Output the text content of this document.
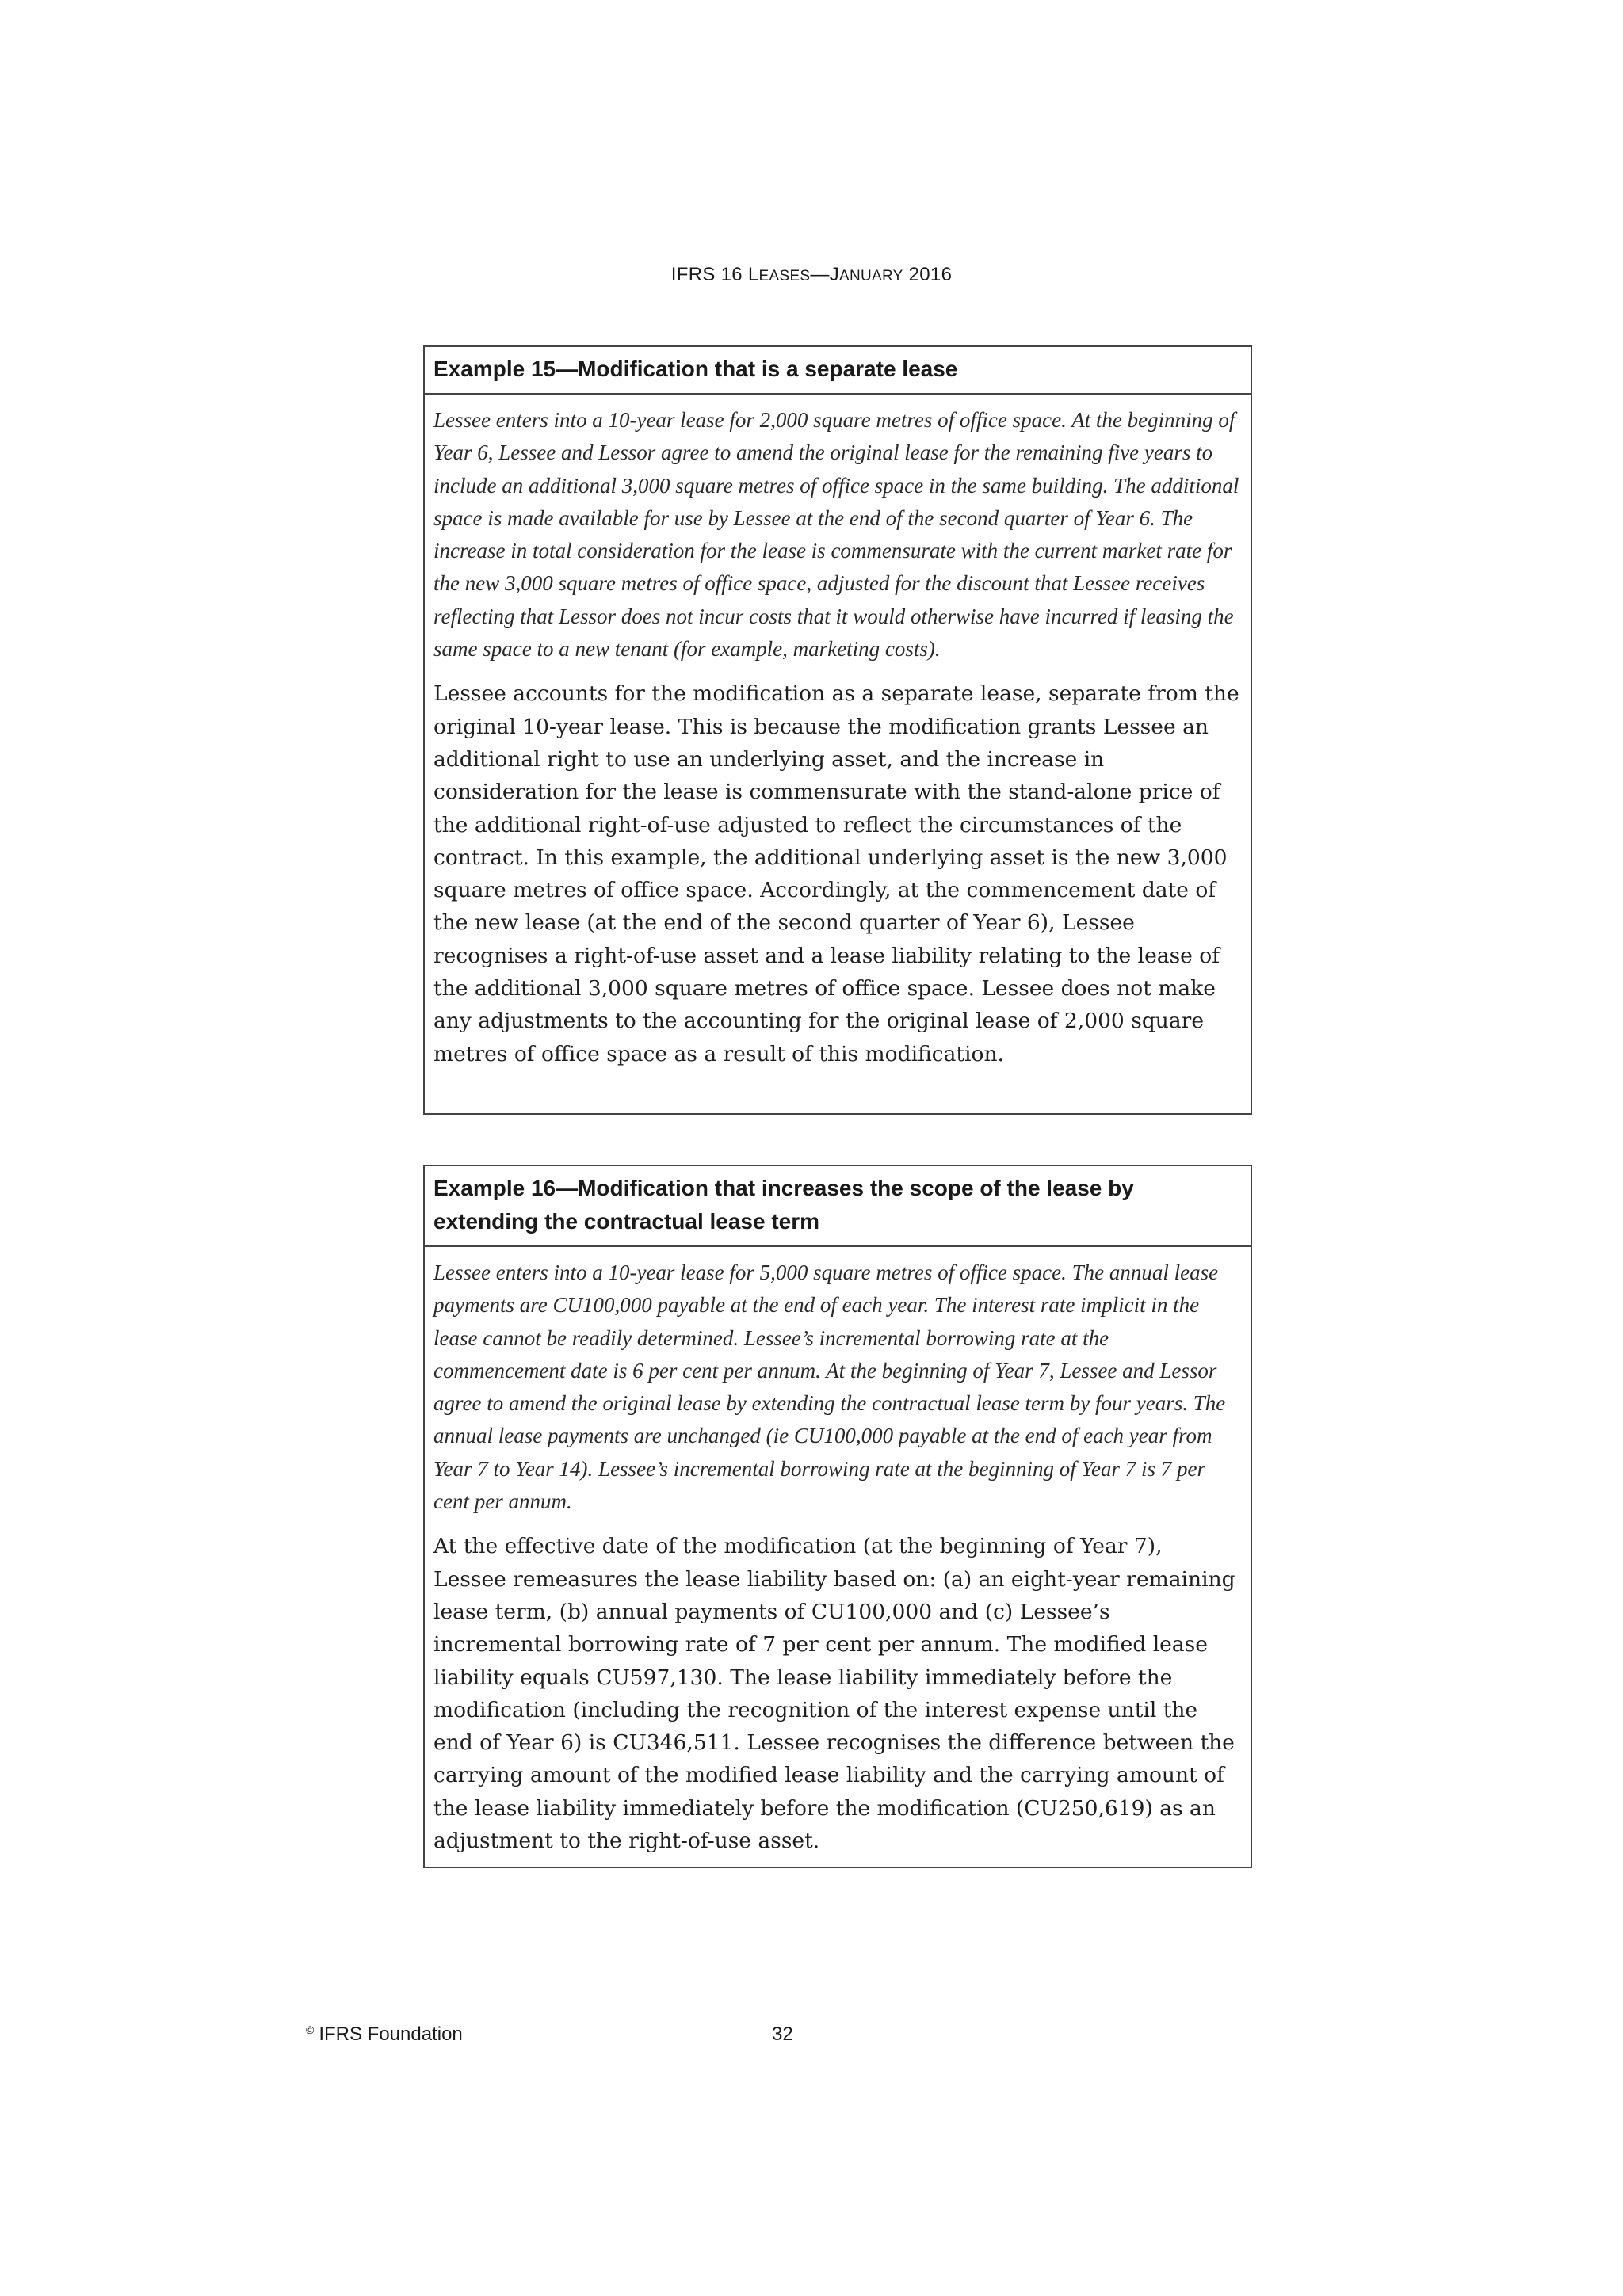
IFRS 16 LEASES—JANUARY 2016
Example 15—Modification that is a separate lease

Lessee enters into a 10-year lease for 2,000 square metres of office space. At the beginning of Year 6, Lessee and Lessor agree to amend the original lease for the remaining five years to include an additional 3,000 square metres of office space in the same building. The additional space is made available for use by Lessee at the end of the second quarter of Year 6. The increase in total consideration for the lease is commensurate with the current market rate for the new 3,000 square metres of office space, adjusted for the discount that Lessee receives reflecting that Lessor does not incur costs that it would otherwise have incurred if leasing the same space to a new tenant (for example, marketing costs).

Lessee accounts for the modification as a separate lease, separate from the original 10-year lease. This is because the modification grants Lessee an additional right to use an underlying asset, and the increase in consideration for the lease is commensurate with the stand-alone price of the additional right-of-use adjusted to reflect the circumstances of the contract. In this example, the additional underlying asset is the new 3,000 square metres of office space. Accordingly, at the commencement date of the new lease (at the end of the second quarter of Year 6), Lessee recognises a right-of-use asset and a lease liability relating to the lease of the additional 3,000 square metres of office space. Lessee does not make any adjustments to the accounting for the original lease of 2,000 square metres of office space as a result of this modification.

Example 16—Modification that increases the scope of the lease by extending the contractual lease term

Lessee enters into a 10-year lease for 5,000 square metres of office space. The annual lease payments are CU100,000 payable at the end of each year. The interest rate implicit in the lease cannot be readily determined. Lessee’s incremental borrowing rate at the commencement date is 6 per cent per annum. At the beginning of Year 7, Lessee and Lessor agree to amend the original lease by extending the contractual lease term by four years. The annual lease payments are unchanged (ie CU100,000 payable at the end of each year from Year 7 to Year 14). Lessee’s incremental borrowing rate at the beginning of Year 7 is 7 per cent per annum.

At the effective date of the modification (at the beginning of Year 7), Lessee remeasures the lease liability based on: (a) an eight-year remaining lease term, (b) annual payments of CU100,000 and (c) Lessee’s incremental borrowing rate of 7 per cent per annum. The modified lease liability equals CU597,130. The lease liability immediately before the modification (including the recognition of the interest expense until the end of Year 6) is CU346,511. Lessee recognises the difference between the carrying amount of the modified lease liability and the carrying amount of the lease liability immediately before the modification (CU250,619) as an adjustment to the right-of-use asset.

© IFRS Foundation	32
